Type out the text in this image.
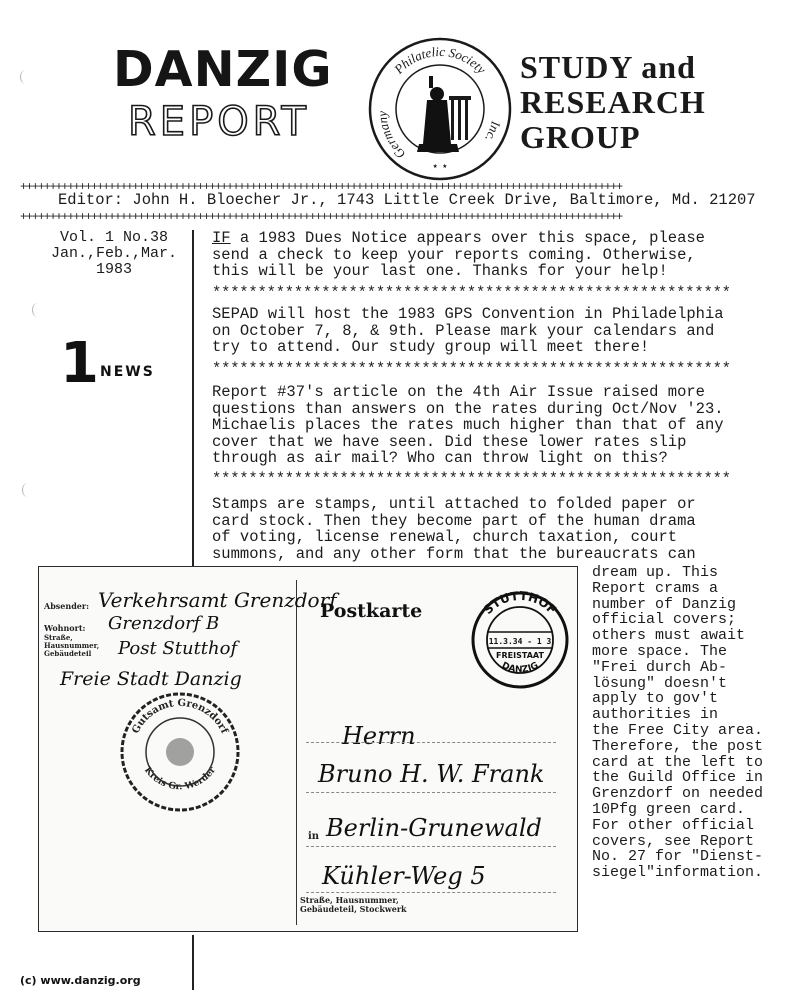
DANZIG
REPORT
Philatelic Society
Germany
Inc.
★ ★
STUDY and
RESEARCH
GROUP
++++++++++++++++++++++++++++++++++++++++++++++++++++++++++++++++++++++++++++++++++++++++++++++++++++++
Editor: John H. Bloecher Jr., 1743 Little Creek Drive, Baltimore, Md. 21207
++++++++++++++++++++++++++++++++++++++++++++++++++++++++++++++++++++++++++++++++++++++++++++++++++++++
Vol. 1 No.38
Jan.,Feb.,Mar.
1983
1 NEWS
IF a 1983 Dues Notice appears over this space, please
send a check to keep your reports coming. Otherwise,
this will be your last one. Thanks for your help!
*********************************************************
SEPAD will host the 1983 GPS Convention in Philadelphia
on October 7, 8, & 9th. Please mark your calendars and
try to attend. Our study group will meet there!
*********************************************************
Report #37's article on the 4th Air Issue raised more
questions than answers on the rates during Oct/Nov '23.
Michaelis places the rates much higher than that of any
cover that we have seen. Did these lower rates slip
through as air mail? Who can throw light on this?
*********************************************************
Stamps are stamps, until attached to folded paper or
card stock. Then they become part of the human drama
of voting, license renewal, church taxation, court
summons, and any other form that the bureaucrats can
dream up. This
Report crams a
number of Danzig
official covers;
others must await
more space. The
"Frei durch Ab-
lösung" doesn't
apply to gov't
authorities in
the Free City area.
Therefore, the post
card at the left to
the Guild Office in
Grenzdorf on needed
10Pfg green card.
For other official
covers, see Report
No. 27 for "Dienst-
siegel"information.
Absender:
Wohnort:
Straße, Hausnummer, Gebäudeteil
Verkehrsamt Grenzdorf
Grenzdorf B
Post Stutthof
Freie Stadt Danzig
Gutsamt Grenzdorf
Kreis Gr. Werder
Postkarte	STUTTHOF
11.3.34 - 1 3
FREISTAAT
DANZIG
Herrn
Bruno H. W. Frank
in Berlin-Grunewald
Kühler-Weg 5
Straße, Hausnummer,
Gebäudeteil, Stockwerk
(c) www.danzig.org
